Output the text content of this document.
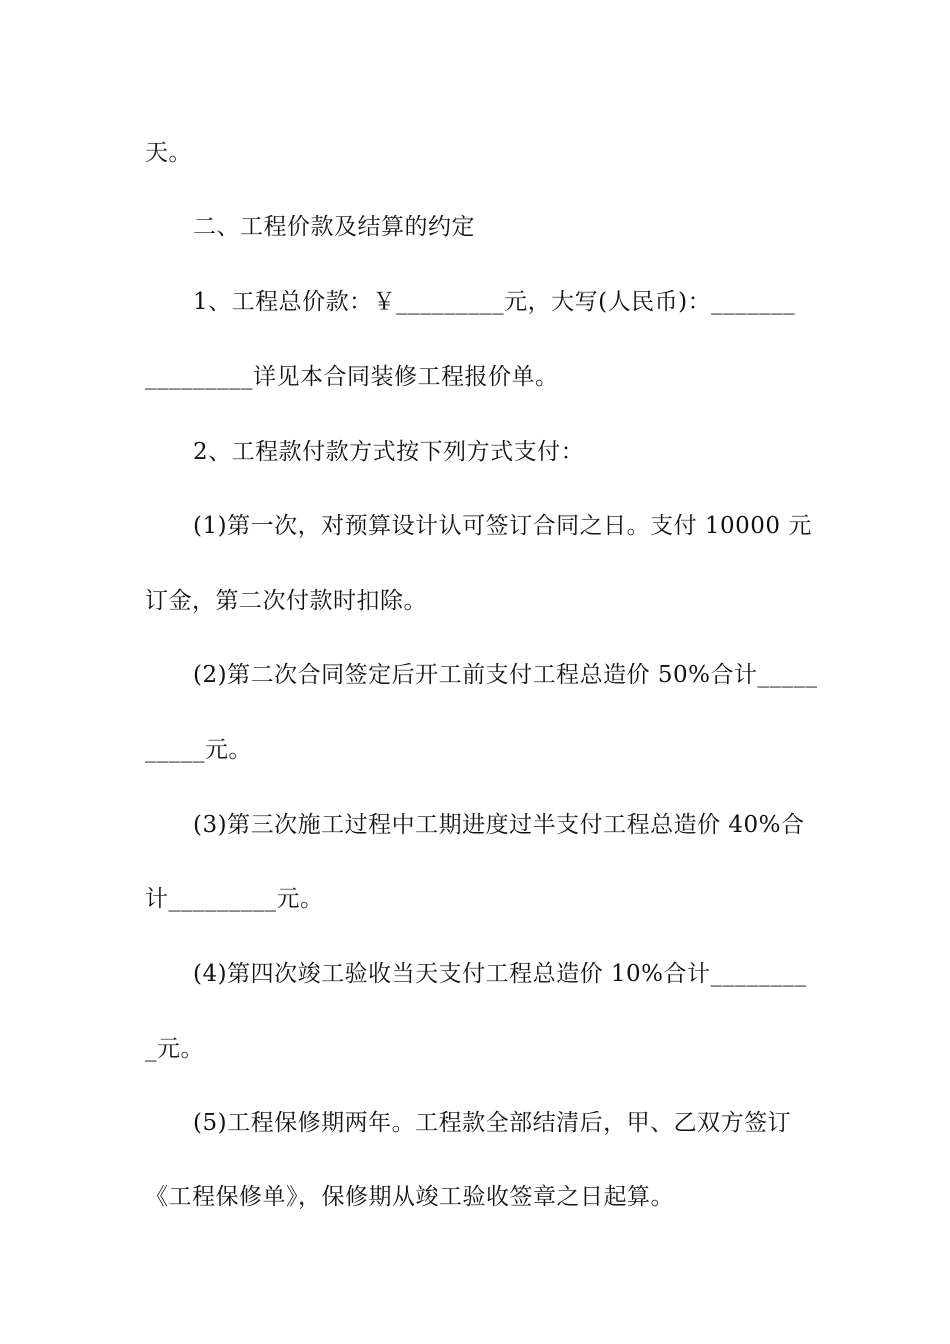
天。
二、工程价款及结算的约定
1、工程总价款：￥_________元，大写(人民币)：_______
_________详见本合同装修工程报价单。
2、工程款付款方式按下列方式支付：
(1)第一次，对预算设计认可签订合同之日。支付 10000 元
订金，第二次付款时扣除。
(2)第二次合同签定后开工前支付工程总造价 50%合计_____
_____元。
(3)第三次施工过程中工期进度过半支付工程总造价 40%合
计_________元。
(4)第四次竣工验收当天支付工程总造价 10%合计________
_元。
(5)工程保修期两年。工程款全部结清后，甲、乙双方签订
《工程保修单》，保修期从竣工验收签章之日起算。
